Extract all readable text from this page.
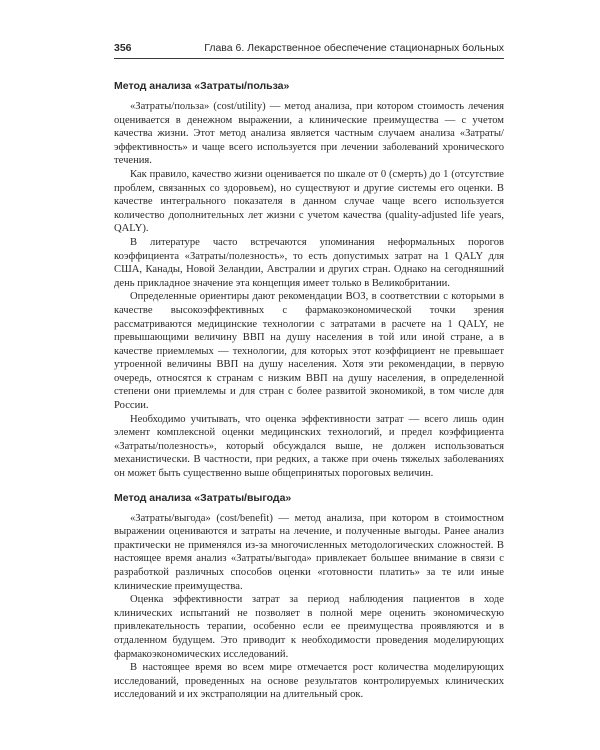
356	Глава 6. Лекарственное обеспечение стационарных больных
Метод анализа «Затраты/польза»

«Затраты/польза» (cost/utility) — метод анализа, при котором стоимость лечения оценивается в денежном выражении, а клинические преимущества — с учетом качества жизни. Этот метод анализа является частным случаем анализа «Затраты/эффективность» и чаще всего используется при лечении заболеваний хронического течения.

Как правило, качество жизни оценивается по шкале от 0 (смерть) до 1 (отсутствие проблем, связанных со здоровьем), но существуют и другие системы его оценки. В качестве интегрального показателя в данном случае чаще всего используется количество дополнительных лет жизни с учетом качества (quality-adjusted life years, QALY).

В литературе часто встречаются упоминания неформальных порогов коэффициента «Затраты/полезность», то есть допустимых затрат на 1 QALY для США, Канады, Новой Зеландии, Австралии и других стран. Однако на сегодняшний день прикладное значение эта концепция имеет только в Великобритании.

Определенные ориентиры дают рекомендации ВОЗ, в соответствии с которыми в качестве высокоэффективных с фармакоэкономической точки зрения рассматриваются медицинские технологии с затратами в расчете на 1 QALY, не превышающими величину ВВП на душу населения в той или иной стране, а в качестве приемлемых — технологии, для которых этот коэффициент не превышает утроенной величины ВВП на душу населения. Хотя эти рекомендации, в первую очередь, относятся к странам с низким ВВП на душу населения, в определенной степени они приемлемы и для стран с более развитой экономикой, в том числе для России.

Необходимо учитывать, что оценка эффективности затрат — всего лишь один элемент комплексной оценки медицинских технологий, и предел коэффициента «Затраты/полезность», который обсуждался выше, не должен использоваться механистически. В частности, при редких, а также при очень тяжелых заболеваниях он может быть существенно выше общепринятых пороговых величин.

Метод анализа «Затраты/выгода»

«Затраты/выгода» (cost/benefit) — метод анализа, при котором в стоимостном выражении оцениваются и затраты на лечение, и полученные выгоды. Ранее анализ практически не применялся из-за многочисленных методологических сложностей. В настоящее время анализ «Затраты/выгода» привлекает большее внимание в связи с разработкой различных способов оценки «готовности платить» за те или иные клинические преимущества.

Оценка эффективности затрат за период наблюдения пациентов в ходе клинических испытаний не позволяет в полной мере оценить экономическую привлекательность терапии, особенно если ее преимущества проявляются и в отдаленном будущем. Это приводит к необходимости проведения моделирующих фармакоэкономических исследований.

В настоящее время во всем мире отмечается рост количества моделирующих исследований, проведенных на основе результатов контролируемых клинических исследований и их экстраполяции на длительный срок.
